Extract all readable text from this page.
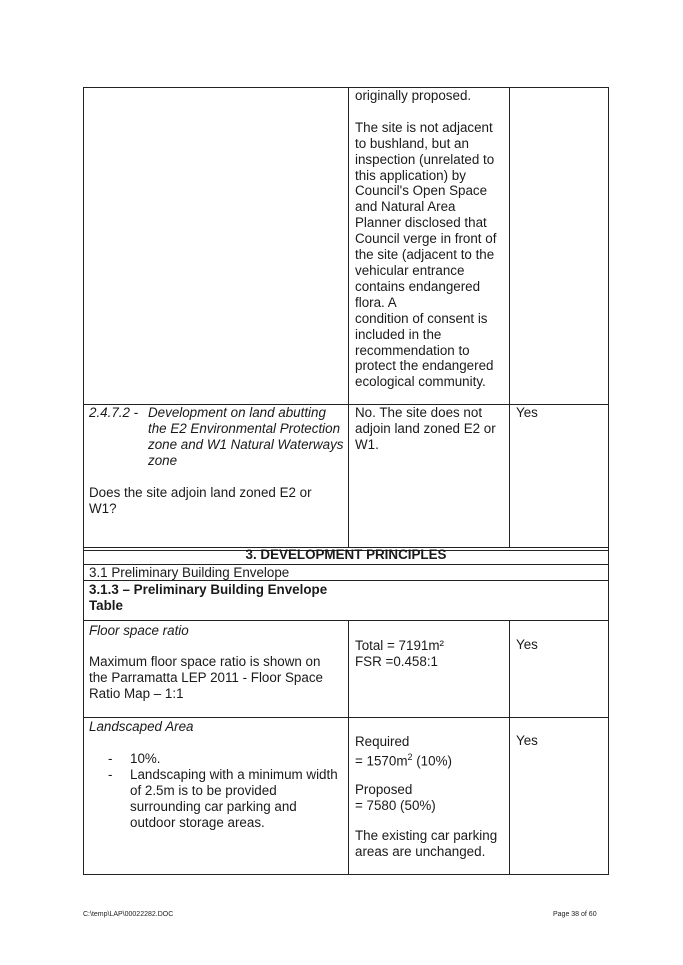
originally proposed.

The site is not adjacent
to bushland, but an
inspection (unrelated to
this application) by
Council's Open Space
and Natural Area
Planner disclosed that
Council verge in front of
the site (adjacent to the
vehicular entrance
contains endangered
flora. A
condition of consent is
included in the
recommendation to
protect the endangered
ecological community.
2.4.7.2 - Development on land abutting
the E2 Environmental Protection
zone and W1 Natural Waterways
zone
Does the site adjoin land zoned E2 or
W1?
No. The site does not
adjoin land zoned E2 or
W1.
Yes
3. DEVELOPMENT PRINCIPLES
3.1 Preliminary Building Envelope
3.1.3 – Preliminary Building Envelope
Table
Floor space ratio
Maximum floor space ratio is shown on
the Parramatta LEP 2011 - Floor Space
Ratio Map – 1:1
Total = 7191m²
FSR =0.458:1
Yes
Landscaped Area
- 10%.
- Landscaping with a minimum width
of 2.5m is to be provided
surrounding car parking and
outdoor storage areas.
Required
= $1570m^2$ (10%)
Proposed
= 7580 (50%)
The existing car parking
areas are unchanged.
Yes
C:\temp\LAP\00022282.DOC	Page 38 of 60
